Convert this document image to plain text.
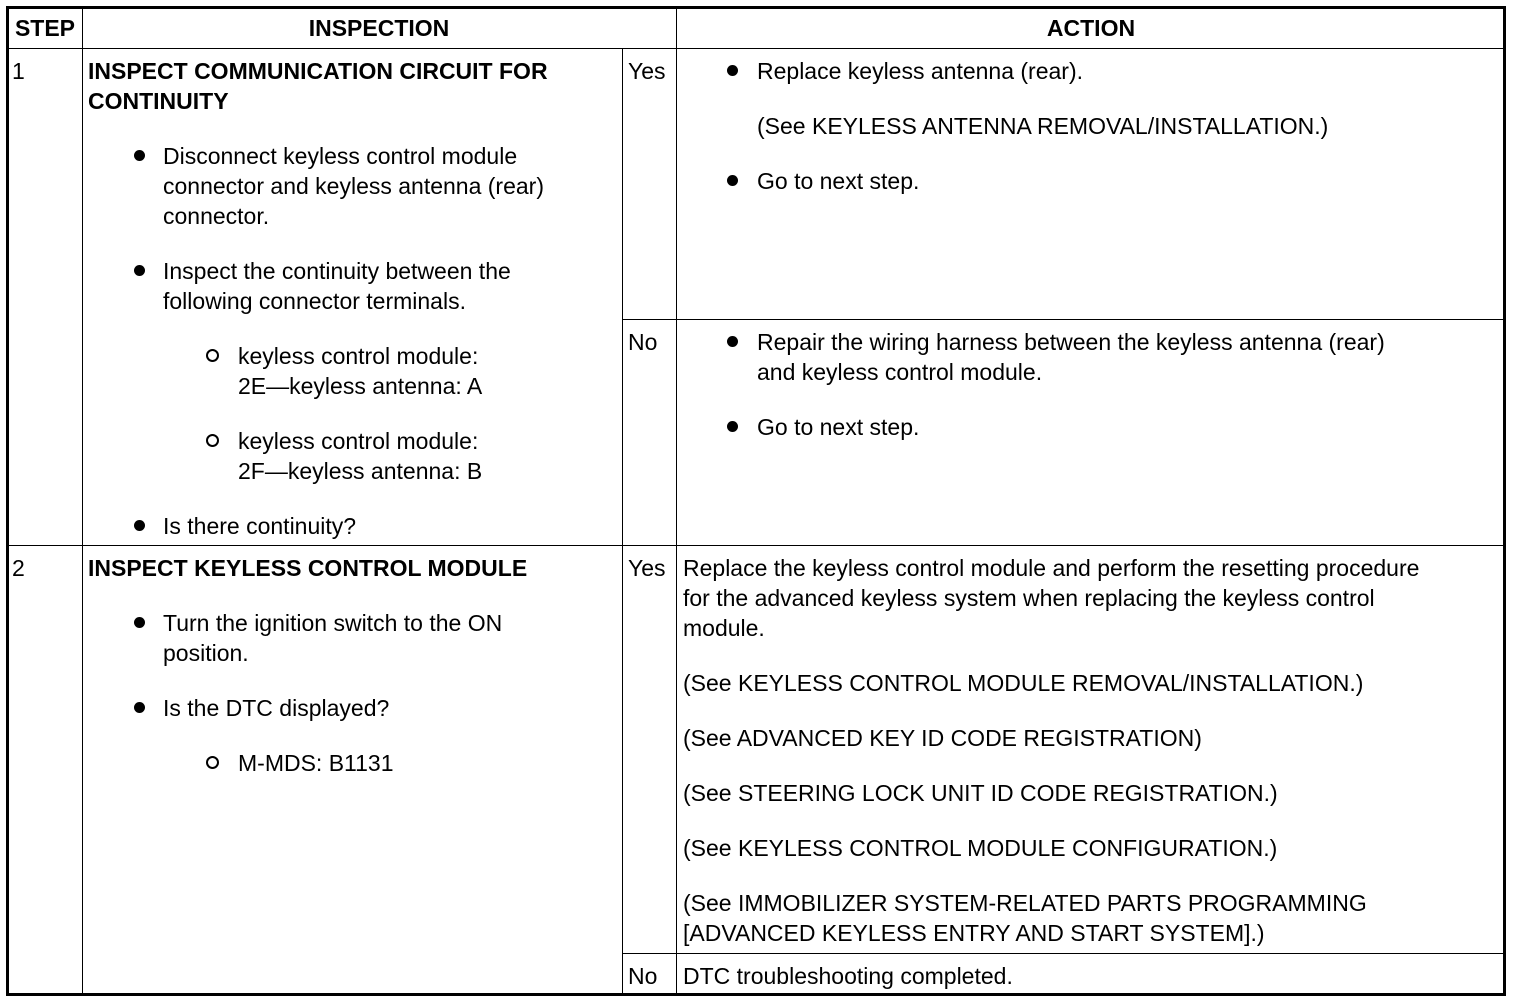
STEP	INSPECTION	ACTION
1	INSPECT COMMUNICATION CIRCUIT FOR
CONTINUITY
Disconnect keyless control module
connector and keyless antenna (rear)
connector.
Inspect the continuity between the
following connector terminals.
keyless control module:
2E—keyless antenna: A
keyless control module:
2F—keyless antenna: B
Is there continuity?
Yes	Replace keyless antenna (rear).
(See KEYLESS ANTENNA REMOVAL/INSTALLATION.)
Go to next step.
No	Repair the wiring harness between the keyless antenna (rear)
and keyless control module.
Go to next step.
2	INSPECT KEYLESS CONTROL MODULE
Turn the ignition switch to the ON
position.
Is the DTC displayed?
M-MDS: B1131
Yes Replace the keyless control module and perform the resetting procedure
for the advanced keyless system when replacing the keyless control
module.
(See KEYLESS CONTROL MODULE REMOVAL/INSTALLATION.)
(See ADVANCED KEY ID CODE REGISTRATION)
(See STEERING LOCK UNIT ID CODE REGISTRATION.)
(See KEYLESS CONTROL MODULE CONFIGURATION.)
(See IMMOBILIZER SYSTEM-RELATED PARTS PROGRAMMING
[ADVANCED KEYLESS ENTRY AND START SYSTEM].)
No DTC troubleshooting completed.
